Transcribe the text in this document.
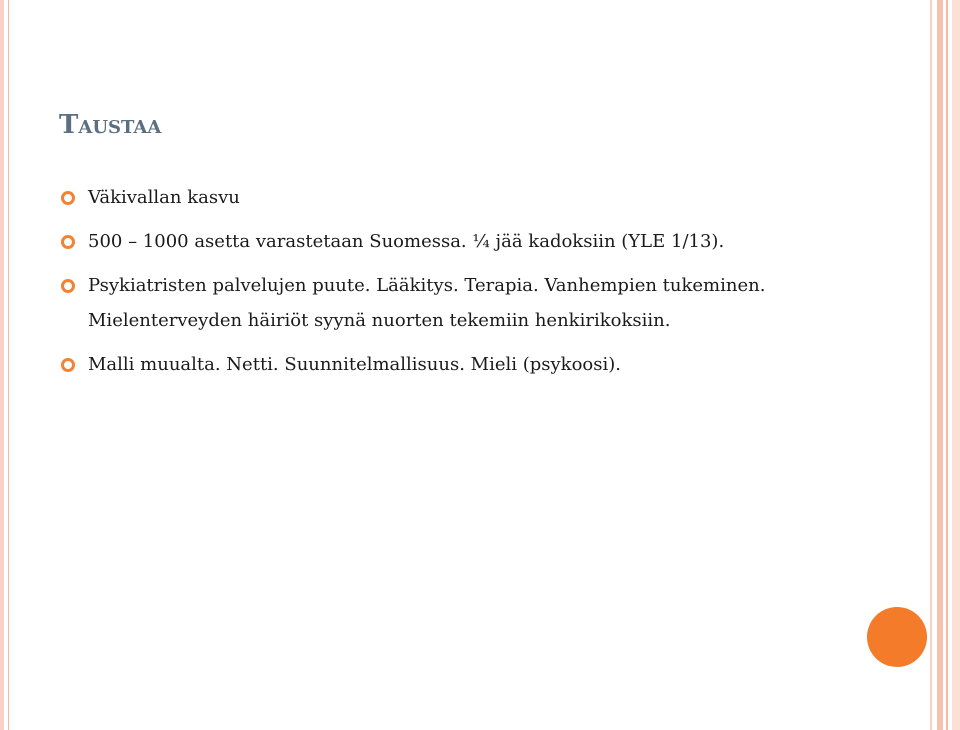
Taustaa
Väkivallan kasvu
500 – 1000 asetta varastetaan Suomessa. ¼ jää kadoksiin (YLE 1/13).
Psykiatristen palvelujen puute. Lääkitys. Terapia. Vanhempien tukeminen.
Mielenterveyden häiriöt syynä nuorten tekemiin henkirikoksiin.
Malli muualta. Netti. Suunnitelmallisuus. Mieli (psykoosi).
